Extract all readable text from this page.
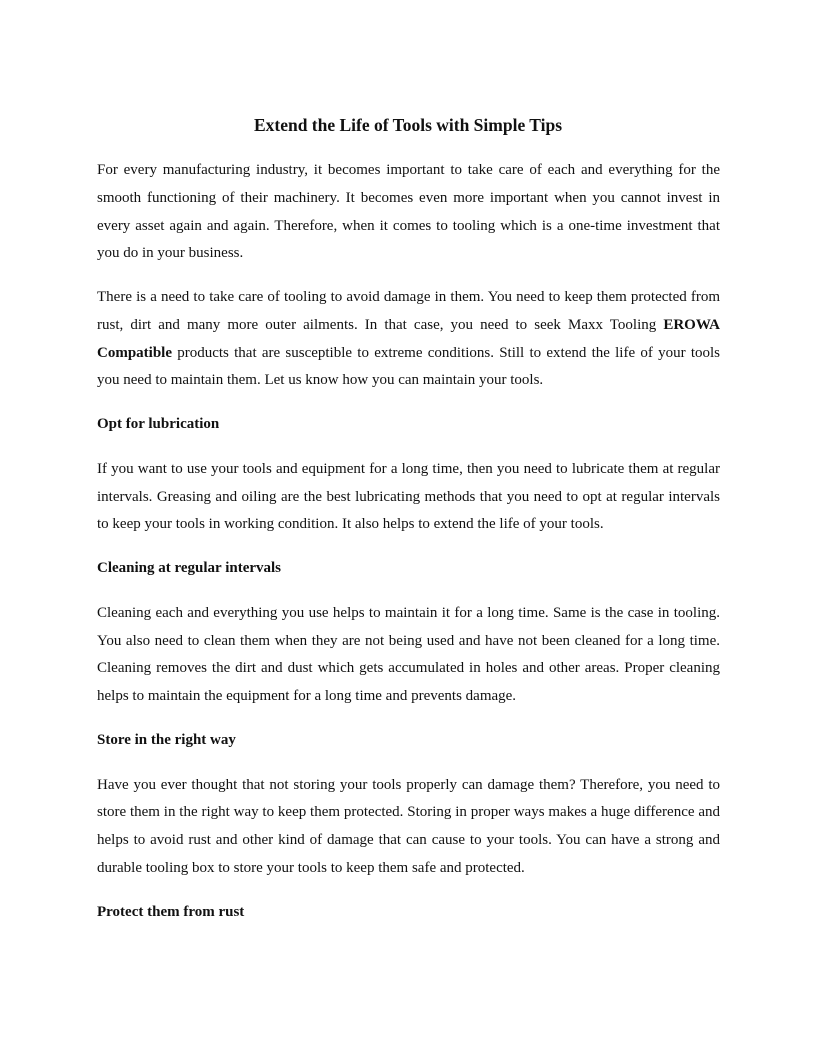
Extend the Life of Tools with Simple Tips

For every manufacturing industry, it becomes important to take care of each and everything for the smooth functioning of their machinery. It becomes even more important when you cannot invest in every asset again and again. Therefore, when it comes to tooling which is a one-time investment that you do in your business.

There is a need to take care of tooling to avoid damage in them. You need to keep them protected from rust, dirt and many more outer ailments. In that case, you need to seek Maxx Tooling EROWA Compatible products that are susceptible to extreme conditions. Still to extend the life of your tools you need to maintain them. Let us know how you can maintain your tools.

Opt for lubrication

If you want to use your tools and equipment for a long time, then you need to lubricate them at regular intervals. Greasing and oiling are the best lubricating methods that you need to opt at regular intervals to keep your tools in working condition. It also helps to extend the life of your tools.

Cleaning at regular intervals

Cleaning each and everything you use helps to maintain it for a long time. Same is the case in tooling. You also need to clean them when they are not being used and have not been cleaned for a long time. Cleaning removes the dirt and dust which gets accumulated in holes and other areas. Proper cleaning helps to maintain the equipment for a long time and prevents damage.

Store in the right way

Have you ever thought that not storing your tools properly can damage them? Therefore, you need to store them in the right way to keep them protected. Storing in proper ways makes a huge difference and helps to avoid rust and other kind of damage that can cause to your tools. You can have a strong and durable tooling box to store your tools to keep them safe and protected.

Protect them from rust
